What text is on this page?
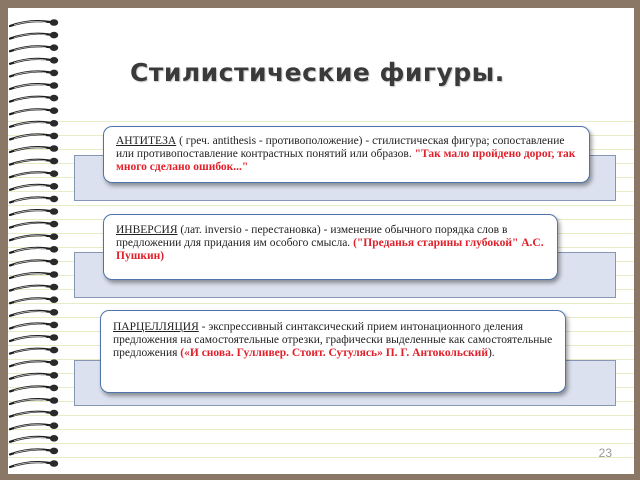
Стилистические фигуры.
АНТИТЕЗА ( греч. antithesis - противоположение) - стилистическая фигура; сопоставление или противопоставление контрастных понятий или образов. "Так мало пройдено дорог, так много сделано ошибок..."
ИНВЕРСИЯ (лат. inversio - перестановка) - изменение обычного порядка слов в предложении для придания им особого смысла. ("Преданья старины глубокой" А.С. Пушкин)
ПАРЦЕЛЛЯЦИЯ - экспрессивный синтаксический прием интонационного деления предложения на самостоятельные отрезки, графически выделенные как самостоятельные предложения («И снова. Гулливер. Стоит. Сутулясь» П. Г. Антокольский).
23
